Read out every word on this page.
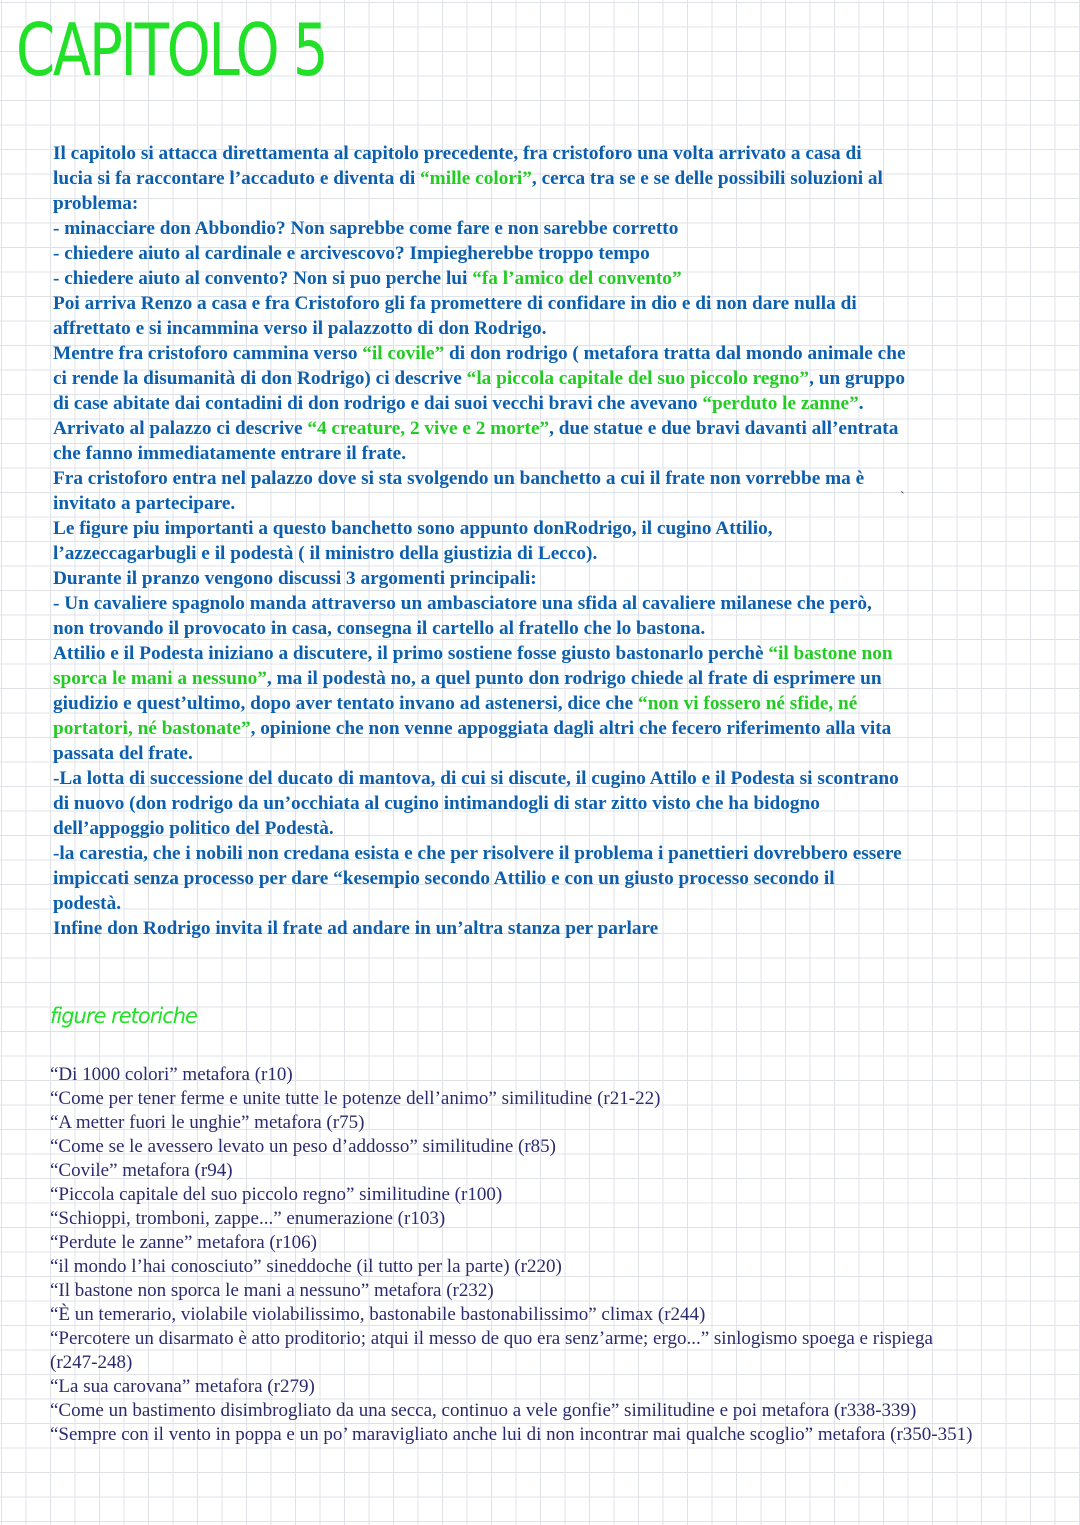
CAPITOLO 5
Il capitolo si attacca direttamenta al capitolo precedente, fra cristoforo una volta arrivato a casa di
lucia si fa raccontare l’accaduto e diventa di “mille colori”, cerca tra se e se delle possibili soluzioni al
problema:
- minacciare don Abbondio? Non saprebbe come fare e non sarebbe corretto
- chiedere aiuto al cardinale e arcivescovo? Impiegherebbe troppo tempo
- chiedere aiuto al convento? Non si puo perche lui “fa l’amico del convento”
Poi arriva Renzo a casa e fra Cristoforo gli fa promettere di confidare in dio e di non dare nulla di
affrettato e si incammina verso il palazzotto di don Rodrigo.
Mentre fra cristoforo cammina verso “il covile” di don rodrigo ( metafora tratta dal mondo animale che
ci rende la disumanità di don Rodrigo) ci descrive “la piccola capitale del suo piccolo regno”, un gruppo
di case abitate dai contadini di don rodrigo e dai suoi vecchi bravi che avevano “perduto le zanne”.
Arrivato al palazzo ci descrive “4 creature, 2 vive e 2 morte”, due statue e due bravi davanti all’entrata
che fanno immediatamente entrare il frate.
Fra cristoforo entra nel palazzo dove si sta svolgendo un banchetto a cui il frate non vorrebbe ma è
invitato a partecipare.
Le figure piu importanti a questo banchetto sono appunto donRodrigo, il cugino Attilio,
l’azzeccagarbugli e il podestà ( il ministro della giustizia di Lecco).
Durante il pranzo vengono discussi 3 argomenti principali:
- Un cavaliere spagnolo manda attraverso un ambasciatore una sfida al cavaliere milanese che però,
non trovando il provocato in casa, consegna il cartello al fratello che lo bastona.
Attilio e il Podesta iniziano a discutere, il primo sostiene fosse giusto bastonarlo perchè “il bastone non
sporca le mani a nessuno”, ma il podestà no, a quel punto don rodrigo chiede al frate di esprimere un
giudizio e quest’ultimo, dopo aver tentato invano ad astenersi, dice che “non vi fossero né sfide, né
portatori, né bastonate”, opinione che non venne appoggiata dagli altri che fecero riferimento alla vita
passata del frate.
-La lotta di successione del ducato di mantova, di cui si discute, il cugino Attilo e il Podesta si scontrano
di nuovo (don rodrigo da un’occhiata al cugino intimandogli di star zitto visto che ha bidogno
dell’appoggio politico del Podestà.
-la carestia, che i nobili non credana esista e che per risolvere il problema i panettieri dovrebbero essere
impiccati senza processo per dare “kesempio secondo Attilio e con un giusto processo secondo il
podestà.
Infine don Rodrigo invita il frate ad andare in un’altra stanza per parlare
`
figure retoriche
“Di 1000 colori” metafora (r10)
“Come per tener ferme e unite tutte le potenze dell’animo” similitudine (r21-22)
“A metter fuori le unghie” metafora (r75)
“Come se le avessero levato un peso d’addosso” similitudine (r85)
“Covile” metafora (r94)
“Piccola capitale del suo piccolo regno” similitudine (r100)
“Schioppi, tromboni, zappe...” enumerazione (r103)
“Perdute le zanne” metafora (r106)
“il mondo l’hai conosciuto” sineddoche (il tutto per la parte) (r220)
“Il bastone non sporca le mani a nessuno” metafora (r232)
“È un temerario, violabile violabilissimo, bastonabile bastonabilissimo” climax (r244)
“Percotere un disarmato è atto proditorio; atqui il messo de quo era senz’arme; ergo...” sinlogismo spoega e rispiega
(r247-248)
“La sua carovana” metafora (r279)
“Come un bastimento disimbrogliato da una secca, continuo a vele gonfie” similitudine e poi metafora (r338-339)
“Sempre con il vento in poppa e un po’ maravigliato anche lui di non incontrar mai qualche scoglio” metafora (r350-351)
